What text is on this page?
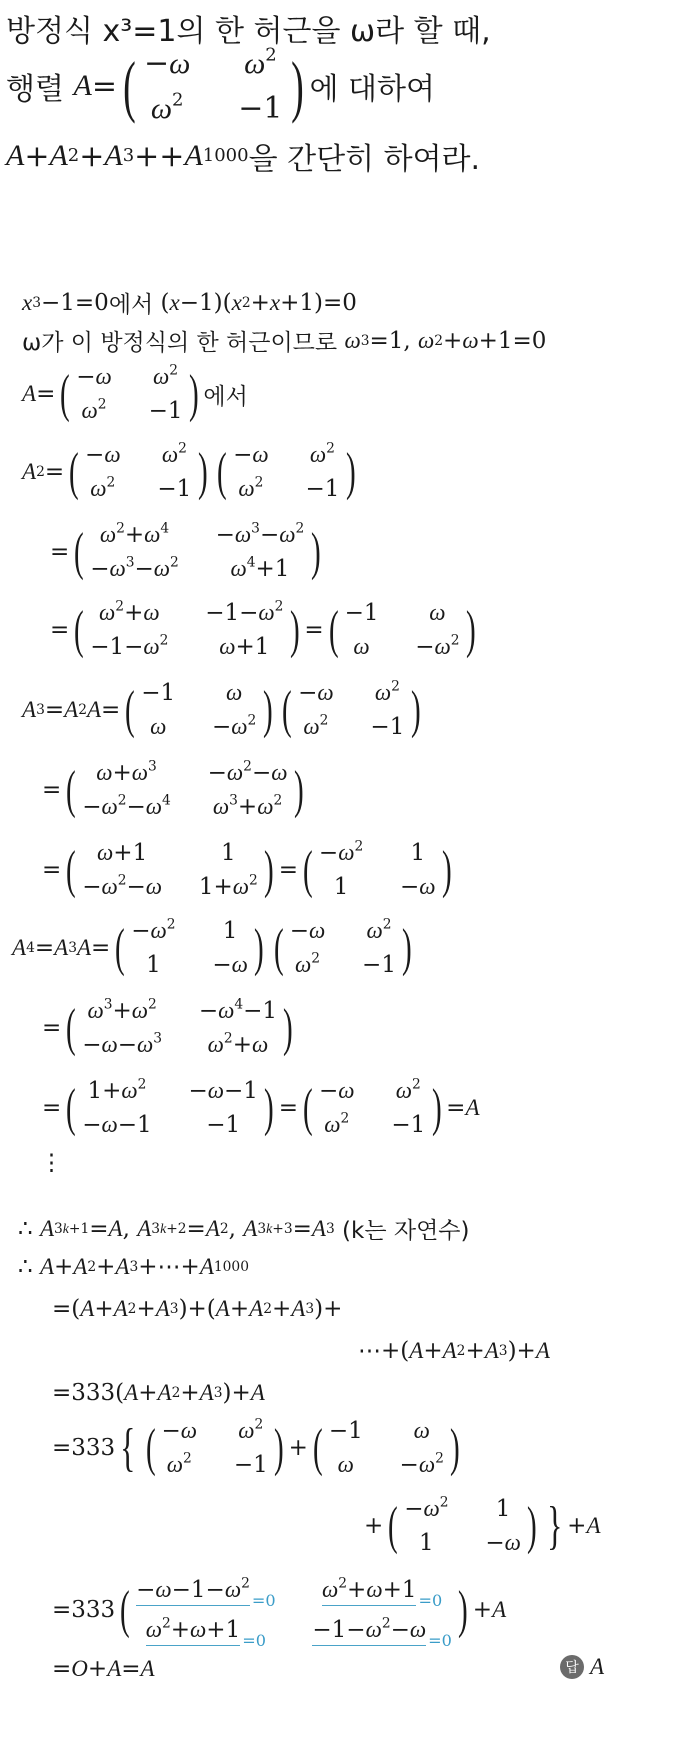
방정식 x³=1의 한 허근을 ω라 할 때,
행렬
A = ( −ω $\omega^2$
$\omega^2 -1$ ) 에 대하여
A + A 2 + A 3 ++ A 1000 을 간단히 하여라.
x 3 −1=0 에서 ( x −1)( x 2 + x +1)=0
ω가 이 방정식의 한 허근이므로
ω 3 =1, ω 2 + ω +1=0
A = ( −ω $\omega^2$
$\omega^2 -1$ ) 에서
A 2 = ( −ω $\omega^2$
$\omega^2 -1$ ) ( −ω $\omega^2$
$\omega^2 -1$ )
= ( $\omega^2+\omega^4 -\omega^3-\omega^2$
$-\omega^3-\omega^2$ $\omega^4+1$ )
= ( $\omega^2+\omega -1-\omega^2$
$-1-\omega^2$ ω+1 ) = ( −1 ω
$\omega -\omega^2$ )
A 3 = A 2 A = ( −1 ω
$\omega -\omega^2$ ) ( −ω $\omega^2$
$\omega^2 -1$ )
= ( $\omega+\omega^3 -\omega^2-\omega$
$-\omega^2-\omega^4$ $\omega^3+\omega^2$ )
= ( ω+1	1
$-\omega^2-\omega$ $1+\omega^2$ ) = ( $-\omega^2$ 1
1 −ω )
A 4 = A 3 A = ( $-\omega^2$ 1
1 −ω ) ( −ω $\omega^2$
$\omega^2 -1$ )
= ( $\omega^3+\omega^2 -\omega^4-1$
$-\omega-\omega^3$ $\omega^2+\omega$ )
= ( $1+\omega^2 -\omega-1$
−ω−1 −1 ) = ( −ω $\omega^2$
$\omega^2 -1$ ) = A
⋮
∴
A 3k+1 = A , A 3k+2 = A 2 , A 3k+3 = A 3
(k는 자연수)
∴
A + A 2 + A 3 +⋯+ A 1000
=( A + A 2 + A 3 )+( A + A 2 + A 3 )+
⋯+( A + A 2 + A 3 )+ A
=333( A + A 2 + A 3 )+ A
=333 { ( −ω $\omega^2$
$\omega^2 -1$ ) + ( −1 ω
$\omega -\omega^2$ )
+ ( $-\omega^2$ 1
1 −ω ) } + A
=333 ( $-\omega-1-\omega^2_{=0}$ $\omega^2+\omega+1$ $_{=0}$
$\omega^2+\omega+1$ $_{=0} -1-\omega^2-\omega$ $_{=0}$
) + A
= O + A = A	답 A
